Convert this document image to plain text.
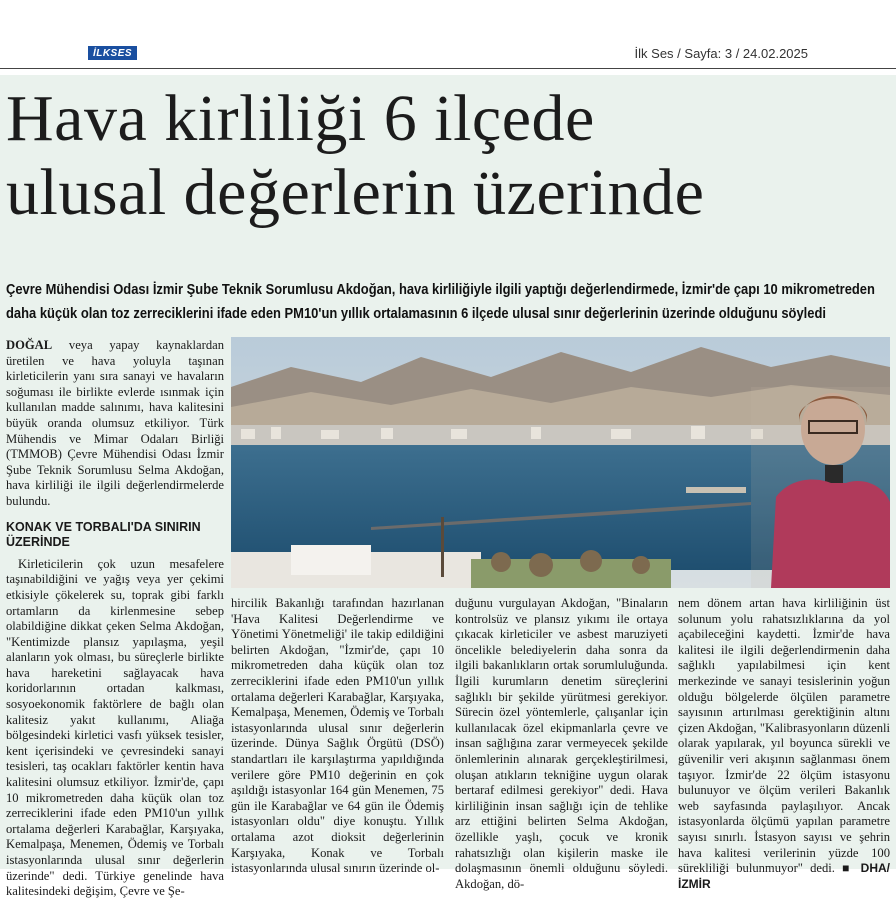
İLKSES	İlk Ses / Sayfa: 3 / 24.02.2025
Hava kirliliği 6 ilçede
ulusal değerlerin üzerinde
Çevre Mühendisi Odası İzmir Şube Teknik Sorumlusu Akdoğan, hava kirliliğiyle ilgili yaptığı değerlendirmede, İzmir'de çapı 10 mikrometreden
daha küçük olan toz zerreciklerini ifade eden PM10'un yıllık ortalamasının 6 ilçede ulusal sınır değerlerinin üzerinde olduğunu söyledi

DOĞAL veya yapay kaynaklardan üretilen ve hava yoluyla taşınan kirleticilerin yanı sıra sanayi ve havaların soğuması ile birlikte evlerde ısınmak için kullanılan madde salınımı, hava kalitesini büyük oranda olumsuz etkiliyor. Türk Mühendis ve Mimar Odaları Birliği (TMMOB) Çevre Mühendisi Odası İzmir Şube Teknik Sorumlusu Selma Akdoğan, hava kirliliği ile ilgili değerlendirmelerde bulundu.

KONAK VE TORBALI'DA SINIRIN ÜZERİNDE

Kirleticilerin çok uzun mesafelere taşınabildiğini ve yağış veya yer çekimi etkisiyle çökelerek su, toprak gibi farklı ortamların da kirlenmesine sebep olabildiğine dikkat çeken Selma Akdoğan, "Kentimizde plansız yapılaşma, yeşil alanların yok olması, bu süreçlerle birlikte hava hareketini sağlayacak hava koridorlarının ortadan kalkması, sosyoekonomik faktörlere de bağlı olan kalitesiz yakıt kullanımı, Aliağa bölgesindeki kirletici vasfı yüksek tesisler, kent içerisindeki ve çevresindeki sanayi tesisleri, taş ocakları faktörler kentin hava kalitesini olumsuz etkiliyor. İzmir'de, çapı 10 mikrometreden daha küçük olan toz zerreciklerini ifade eden PM10'un yıllık ortalama değerleri Karabağlar, Karşıyaka, Kemalpaşa, Menemen, Ödemiş ve Torbalı istasyonlarında ulusal sınır değerlerin üzerinde" dedi. Türkiye genelinde hava kalitesindeki değişim, Çevre ve Şe-

hircilik Bakanlığı tarafından hazırlanan 'Hava Kalitesi Değerlendirme ve Yönetimi Yönetmeliği' ile takip edildiğini belirten Akdoğan, "İzmir'de, çapı 10 mikrometreden daha küçük olan toz zerreciklerini ifade eden PM10'un yıllık ortalama değerleri Karabağlar, Karşıyaka, Kemalpaşa, Menemen, Ödemiş ve Torbalı istasyonlarında ulusal sınır değerlerin üzerinde. Dünya Sağlık Örgütü (DSÖ) standartları ile karşılaştırma yapıldığında verilere göre PM10 değerinin en çok aşıldığı istasyonlar 164 gün Menemen, 75 gün ile Karabağlar ve 64 gün ile Ödemiş istasyonları oldu" diye konuştu. Yıllık ortalama azot dioksit değerlerinin Karşıyaka, Konak ve Torbalı istasyonlarında ulusal sınırın üzerinde ol-

duğunu vurgulayan Akdoğan, "Binaların kontrolsüz ve plansız yıkımı ile ortaya çıkacak kirleticiler ve asbest maruziyeti öncelikle belediyelerin daha sonra da ilgili bakanlıkların ortak sorumluluğunda. İlgili kurumların denetim süreçlerini sağlıklı bir şekilde yürütmesi gerekiyor. Sürecin özel yöntemlerle, çalışanlar için kullanılacak özel ekipmanlarla çevre ve insan sağlığına zarar vermeyecek şekilde önlemlerinin alınarak gerçekleştirilmesi, oluşan atıkların tekniğine uygun olarak bertaraf edilmesi gerekiyor" dedi. Hava kirliliğinin insan sağlığı için de tehlike arz ettiğini belirten Selma Akdoğan, özellikle yaşlı, çocuk ve kronik rahatsızlığı olan kişilerin maske ile dolaşmasının önemli olduğunu söyledi. Akdoğan, dö-

nem dönem artan hava kirliliğinin üst solunum yolu rahatsızlıklarına da yol açabileceğini kaydetti. İzmir'de hava kalitesi ile ilgili değerlendirmenin daha sağlıklı yapılabilmesi için kent merkezinde ve sanayi tesislerinin yoğun olduğu bölgelerde ölçülen parametre sayısının artırılması gerektiğinin altını çizen Akdoğan, "Kalibrasyonların düzenli olarak yapılarak, yıl boyunca sürekli ve güvenilir veri akışının sağlanması önem taşıyor. İzmir'de 22 ölçüm istasyonu bulunuyor ve ölçüm verileri Bakanlık web sayfasında paylaşılıyor. Ancak istasyonlarda ölçümü yapılan parametre sayısı sınırlı. İstasyon sayısı ve şehrin hava kalitesi verilerinin yüzde 100 sürekliliği bulunmuyor" dedi. ■ DHA/İZMİR
